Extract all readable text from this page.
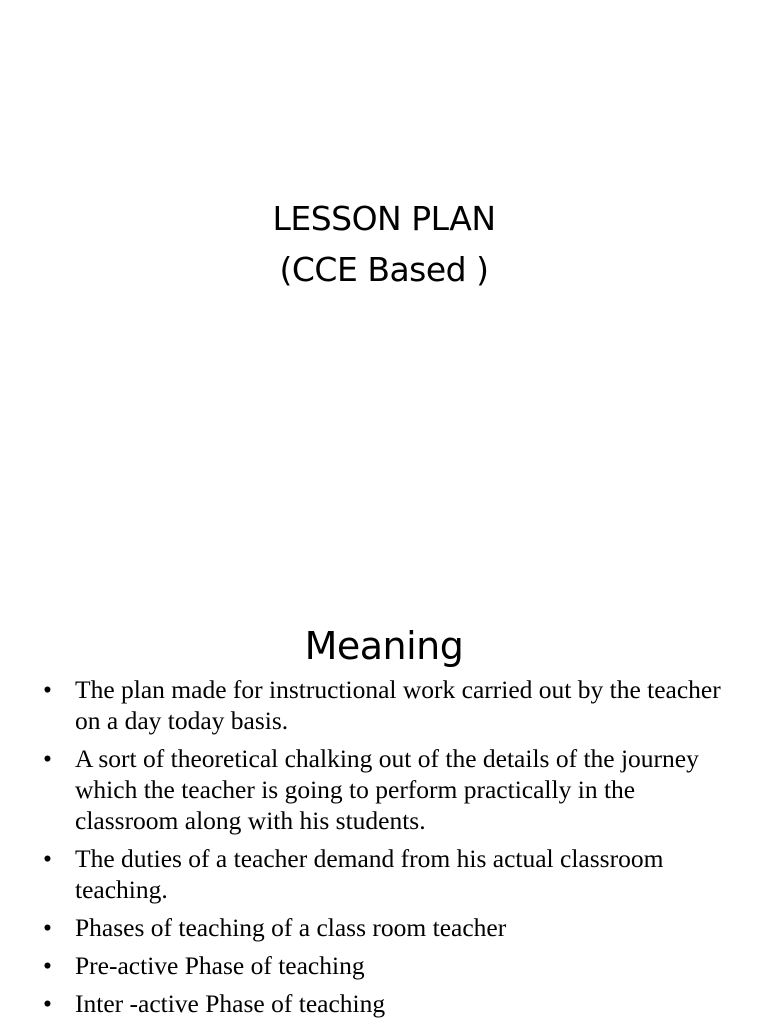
LESSON PLAN
(CCE Based )
Meaning
• The plan made for instructional work carried out by the teacher on a day today basis.
• A sort of theoretical chalking out of the details of the journey which the teacher is going to perform practically in the classroom along with his students.
• The duties of a teacher demand from his actual classroom teaching.
• Phases of teaching of a class room teacher
• Pre-active Phase of teaching
• Inter -active Phase of teaching
